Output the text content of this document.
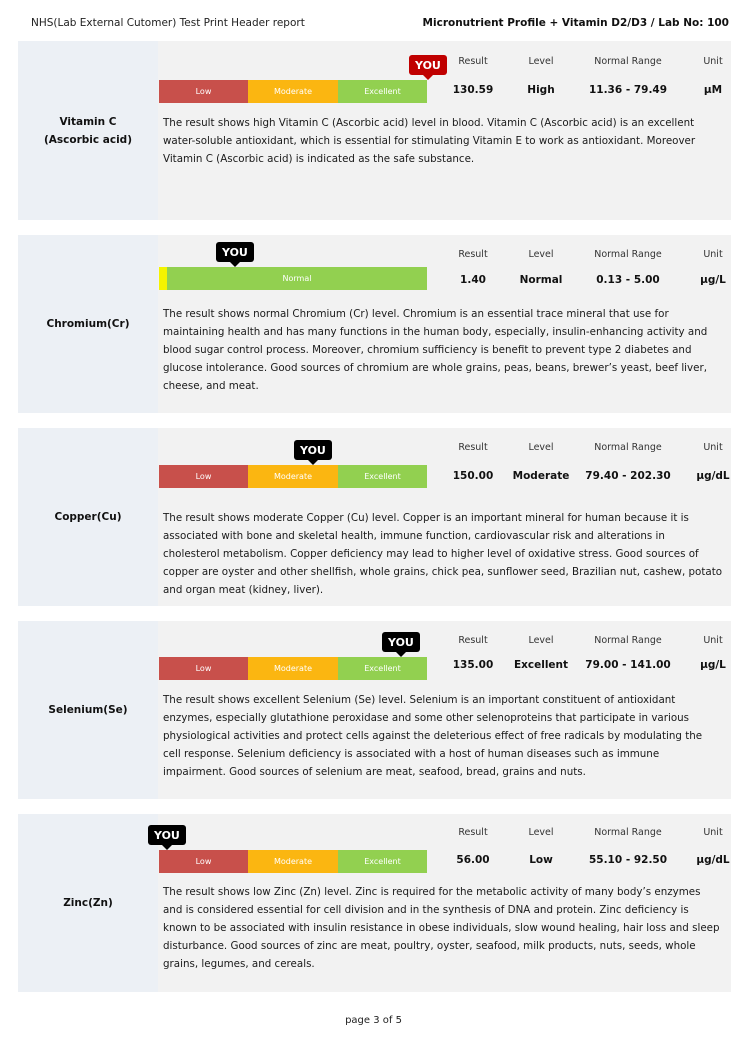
NHS(Lab External Cutomer) Test Print Header report	Micronutrient Profile + Vitamin D2/D3 / Lab No: 100
Vitamin C
(Ascorbic acid)
YOU
Low	Moderate	Excellent
Result	Level	Normal Range	Unit
130.59	High	11.36 - 79.49	µM
The result shows high Vitamin C (Ascorbic acid) level in blood. Vitamin C (Ascorbic acid) is an excellent water-soluble antioxidant, which is essential for stimulating Vitamin E to work as antioxidant. Moreover Vitamin C (Ascorbic acid) is indicated as the safe substance.
Chromium(Cr)
YOU
Normal
Result	Level	Normal Range	Unit
1.40	Normal	0.13 - 5.00	µg/L
The result shows normal Chromium (Cr) level. Chromium is an essential trace mineral that use for maintaining health and has many functions in the human body, especially, insulin-enhancing activity and blood sugar control process. Moreover, chromium sufficiency is benefit to prevent type 2 diabetes and glucose intolerance. Good sources of chromium are whole grains, peas, beans, brewer’s yeast, beef liver, cheese, and meat.
Copper(Cu)
YOU
Low	Moderate	Excellent
Result	Level	Normal Range	Unit
150.00	Moderate	79.40 - 202.30	µg/dL
The result shows moderate Copper (Cu) level. Copper is an important mineral for human because it is associated with bone and skeletal health, immune function, cardiovascular risk and alterations in cholesterol metabolism. Copper deficiency may lead to higher level of oxidative stress. Good sources of copper are oyster and other shellfish, whole grains, chick pea, sunflower seed, Brazilian nut, cashew, potato and organ meat (kidney, liver).
Selenium(Se)
YOU
Low	Moderate	Excellent
Result	Level	Normal Range	Unit
135.00	Excellent	79.00 - 141.00	µg/L
The result shows excellent Selenium (Se) level. Selenium is an important constituent of antioxidant enzymes, especially glutathione peroxidase and some other selenoproteins that participate in various physiological activities and protect cells against the deleterious effect of free radicals by modulating the cell response. Selenium deficiency is associated with a host of human diseases such as immune impairment. Good sources of selenium are meat, seafood, bread, grains and nuts.
Zinc(Zn)
YOU
Low	Moderate	Excellent
Result	Level	Normal Range	Unit
56.00	Low	55.10 - 92.50	µg/dL
The result shows low Zinc (Zn) level. Zinc is required for the metabolic activity of many body’s enzymes and is considered essential for cell division and in the synthesis of DNA and protein. Zinc deficiency is known to be associated with insulin resistance in obese individuals, slow wound healing, hair loss and sleep disturbance. Good sources of zinc are meat, poultry, oyster, seafood, milk products, nuts, seeds, whole grains, legumes, and cereals.
page 3 of 5
